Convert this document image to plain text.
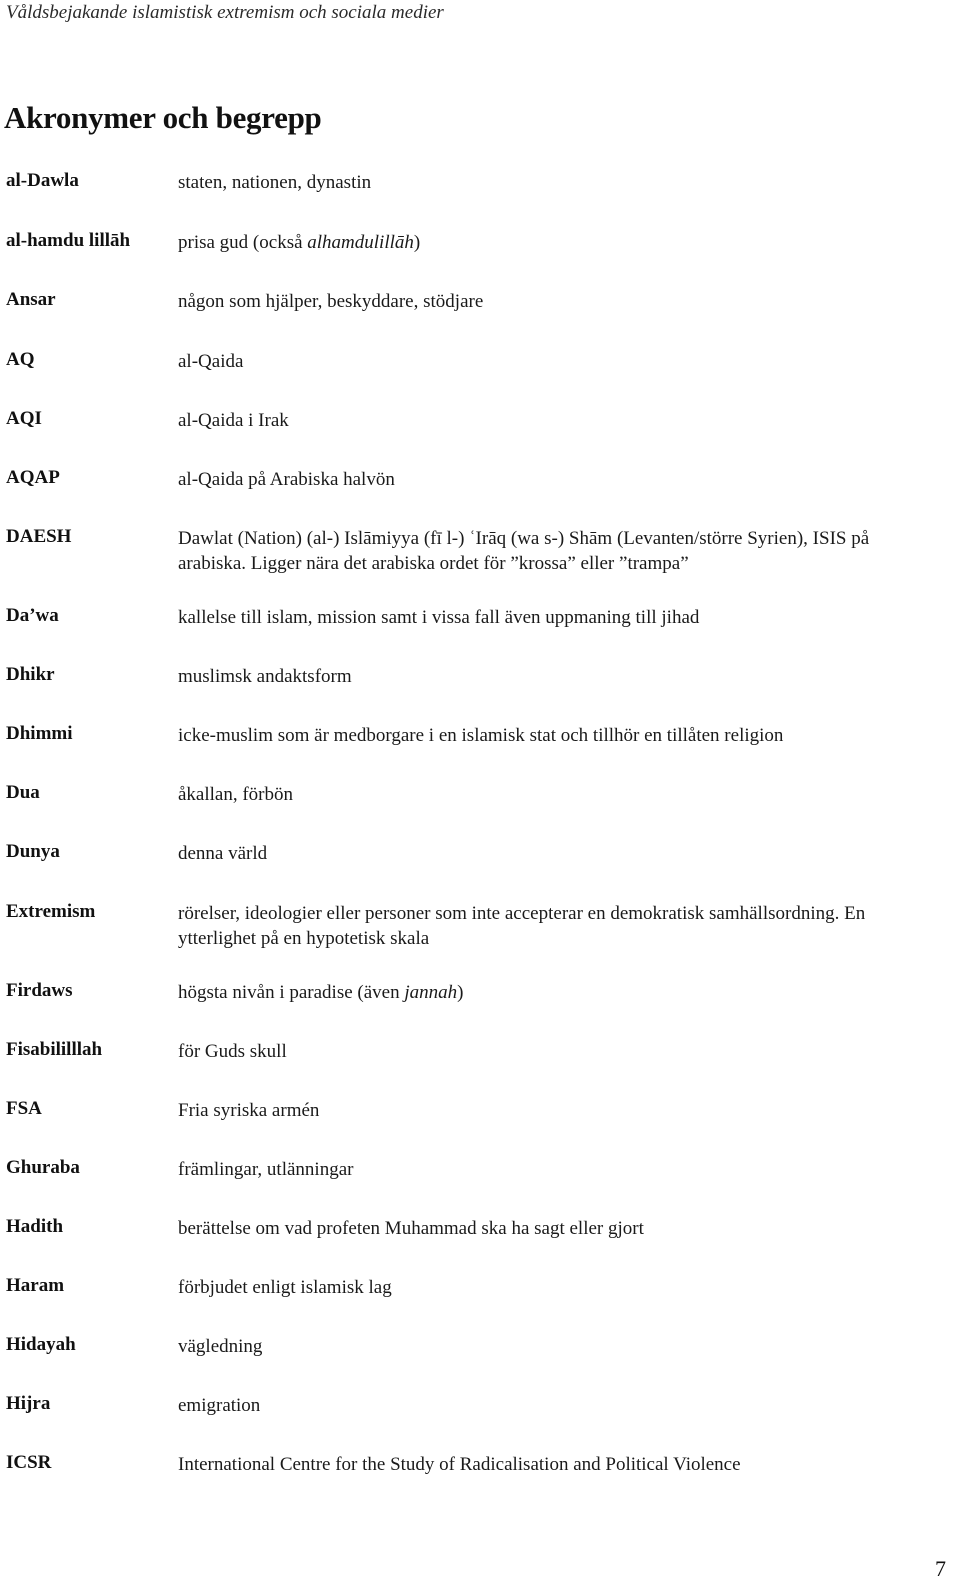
Våldsbejakande islamistisk extremism och sociala medier
Akronymer och begrepp
al-Dawla	staten, nationen, dynastin
al-hamdu lillāh	prisa gud (också alhamdulillāh)
Ansar	någon som hjälper, beskyddare, stödjare
AQ	al-Qaida
AQI	al-Qaida i Irak
AQAP	al-Qaida på Arabiska halvön
DAESH	Dawlat (Nation) (al-) Islāmiyya (fī l-) ʿIrāq (wa s-) Shām (Levanten/större Syrien), ISIS på arabiska. Ligger nära det arabiska ordet för ”krossa” eller ”trampa”
Da’wa	kallelse till islam, mission samt i vissa fall även uppmaning till jihad
Dhikr	muslimsk andaktsform
Dhimmi	icke-muslim som är medborgare i en islamisk stat och tillhör en tillåten religion
Dua	åkallan, förbön
Dunya	denna värld
Extremism	rörelser, ideologier eller personer som inte accepterar en demokratisk samhällsordning. En ytterlighet på en hypotetisk skala
Firdaws	högsta nivån i paradise (även jannah)
Fisabililllah	för Guds skull
FSA	Fria syriska armén
Ghuraba	främlingar, utlänningar
Hadith	berättelse om vad profeten Muhammad ska ha sagt eller gjort
Haram	förbjudet enligt islamisk lag
Hidayah	vägledning
Hijra	emigration
ICSR	International Centre for the Study of Radicalisation and Political Violence
7
